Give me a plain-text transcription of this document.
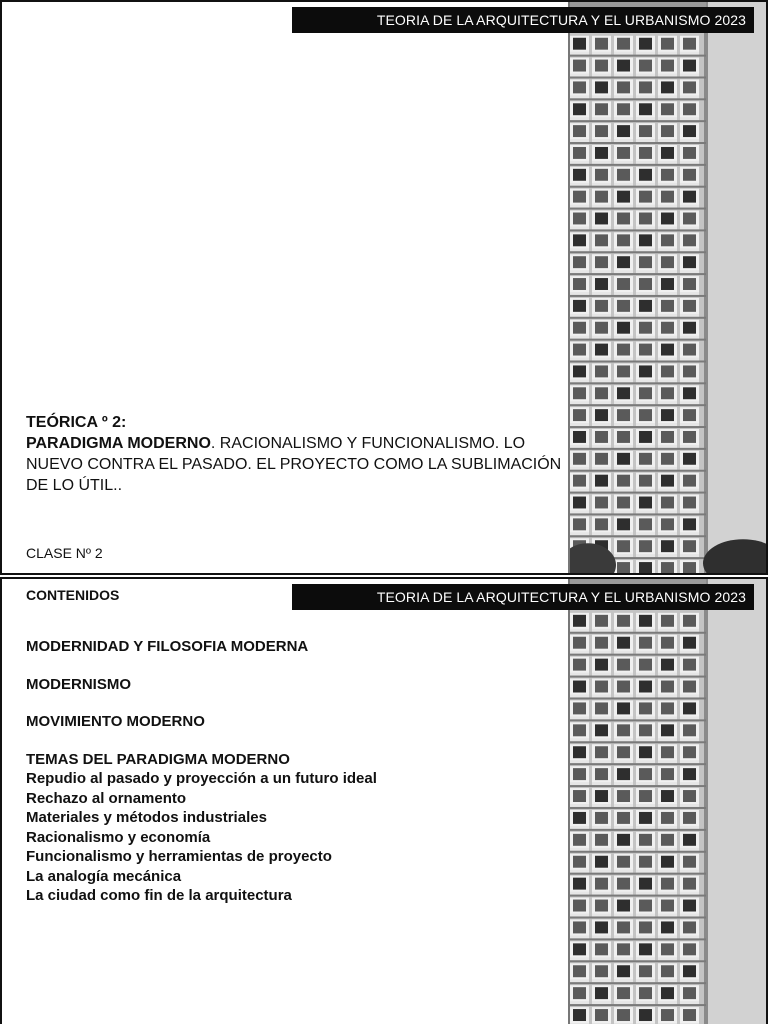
TEORIA DE LA ARQUITECTURA Y EL URBANISMO 2023
TEÓRICA º 2:
PARADIGMA MODERNO. RACIONALISMO Y FUNCIONALISMO. LO NUEVO CONTRA EL PASADO. EL PROYECTO COMO LA SUBLIMACIÓN DE LO ÚTIL..
CLASE Nº 2
TEORIA DE LA ARQUITECTURA Y EL URBANISMO 2023
CONTENIDOS
MODERNIDAD Y FILOSOFIA MODERNA
MODERNISMO
MOVIMIENTO MODERNO
TEMAS DEL PARADIGMA MODERNO
Repudio al pasado y proyección a un futuro ideal
Rechazo al ornamento
Materiales y métodos industriales
Racionalismo y economía
Funcionalismo y herramientas de proyecto
La analogía mecánica
La ciudad como fin de la arquitectura
